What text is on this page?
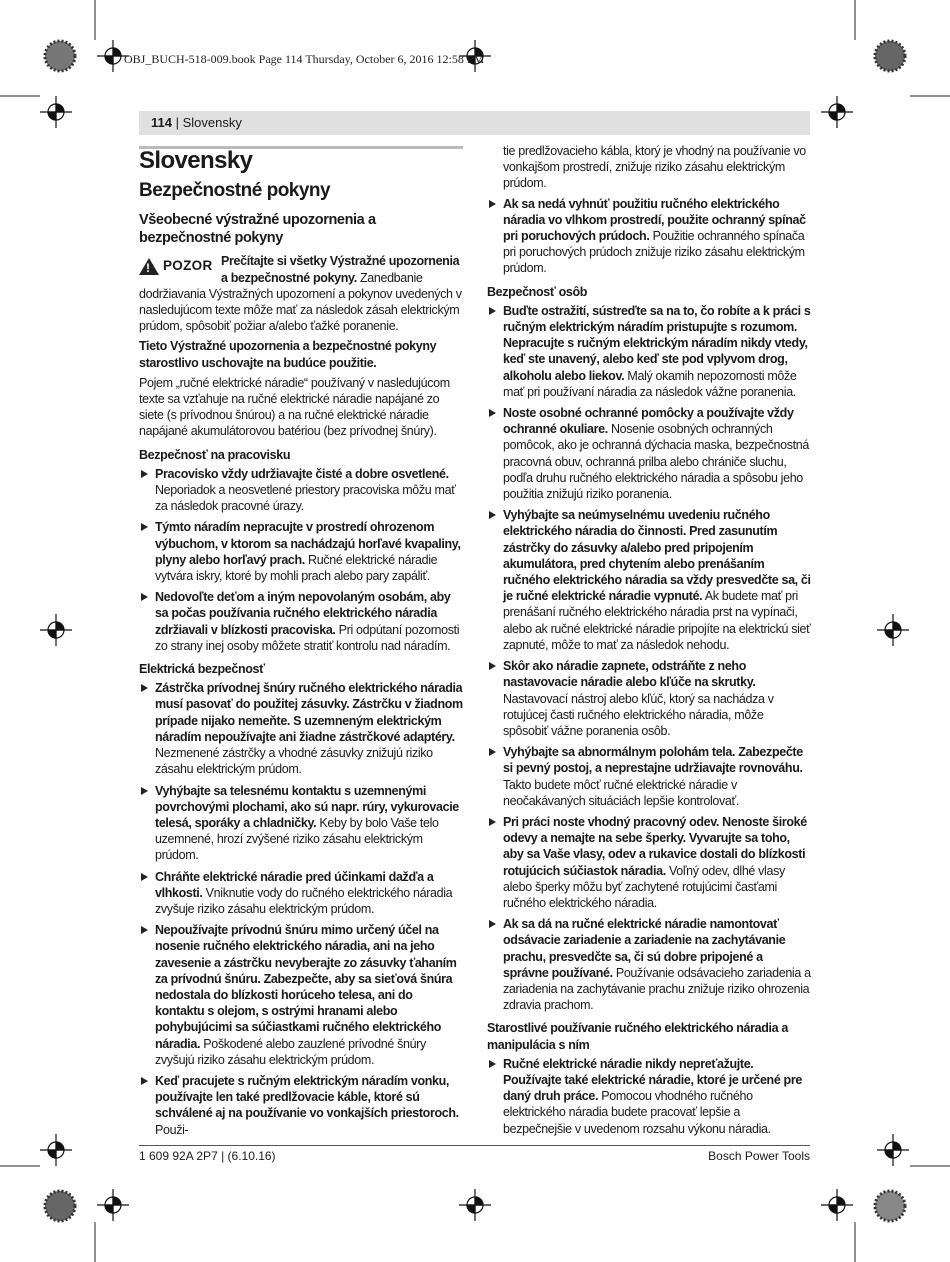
OBJ_BUCH-518-009.book Page 114 Thursday, October 6, 2016 12:58 PM
114 | Slovensky
Slovensky
Bezpečnostné pokyny
Všeobecné výstražné upozornenia a bezpečnostné pokyny
!
POZOR Prečítajte si všetky Výstražné upozornenia a bezpečnostné pokyny. Zanedbanie dodržiavania Výstražných upozornení a pokynov uvedených v nasledujúcom texte môže mať za následok zásah elektrickým prúdom, spôsobiť požiar a/alebo ťažké poranenie.

Tieto Výstražné upozornenia a bezpečnostné pokyny starostlivo uschovajte na budúce použitie.

Pojem „ručné elektrické náradie“ používaný v nasledujúcom texte sa vzťahuje na ručné elektrické náradie napájané zo siete (s prívodnou šnúrou) a na ručné elektrické náradie napájané akumulátorovou batériou (bez prívodnej šnúry).

Bezpečnosť na pracovisku
Pracovisko vždy udržiavajte čisté a dobre osvetlené. Neporiadok a neosvetlené priestory pracoviska môžu mať za následok pracovné úrazy.
Týmto náradím nepracujte v prostredí ohrozenom výbuchom, v ktorom sa nachádzajú horľavé kvapaliny, plyny alebo horľavý prach. Ručné elektrické náradie vytvára iskry, ktoré by mohli prach alebo pary zapáliť.
Nedovoľte deťom a iným nepovolaným osobám, aby sa počas používania ručného elektrického náradia zdržiavali v blízkosti pracoviska. Pri odpútaní pozornosti zo strany inej osoby môžete stratiť kontrolu nad náradím.
Elektrická bezpečnosť
Zástrčka prívodnej šnúry ručného elektrického náradia musí pasovať do použitej zásuvky. Zástrčku v žiadnom prípade nijako nemeňte. S uzemneným elektrickým náradím nepoužívajte ani žiadne zástrčkové adaptéry. Nezmenené zástrčky a vhodné zásuvky znižujú riziko zásahu elektrickým prúdom.
Vyhýbajte sa telesnému kontaktu s uzemnenými povrchovými plochami, ako sú napr. rúry, vykurovacie telesá, sporáky a chladničky. Keby by bolo Vaše telo uzemnené, hrozí zvýšené riziko zásahu elektrickým prúdom.
Chráňte elektrické náradie pred účinkami dažďa a vlhkosti. Vniknutie vody do ručného elektrického náradia zvyšuje riziko zásahu elektrickým prúdom.
Nepoužívajte prívodnú šnúru mimo určený účel na nosenie ručného elektrického náradia, ani na jeho zavesenie a zástrčku nevyberajte zo zásuvky ťahaním za prívodnú šnúru. Zabezpečte, aby sa sieťová šnúra nedostala do blízkosti horúceho telesa, ani do kontaktu s olejom, s ostrými hranami alebo pohybujúcimi sa súčiastkami ručného elektrického náradia. Poškodené alebo zauzlené prívodné šnúry zvyšujú riziko zásahu elektrickým prúdom.
Keď pracujete s ručným elektrickým náradím vonku, používajte len také predlžovacie káble, ktoré sú schválené aj na používanie vo vonkajších priestoroch. Použi-

tie predlžovacieho kábla, ktorý je vhodný na používanie vo vonkajšom prostredí, znižuje riziko zásahu elektrickým prúdom.

Ak sa nedá vyhnúť použitiu ručného elektrického náradia vo vlhkom prostredí, použite ochranný spínač pri poruchových prúdoch. Použitie ochranného spínača pri poruchových prúdoch znižuje riziko zásahu elektrickým prúdom.
Bezpečnosť osôb
Buďte ostražití, sústreďte sa na to, čo robíte a k práci s ručným elektrickým náradím pristupujte s rozumom. Nepracujte s ručným elektrickým náradím nikdy vtedy, keď ste unavený, alebo keď ste pod vplyvom drog, alkoholu alebo liekov. Malý okamih nepozornosti môže mať pri používaní náradia za následok vážne poranenia.
Noste osobné ochranné pomôcky a používajte vždy ochranné okuliare. Nosenie osobných ochranných pomôcok, ako je ochranná dýchacia maska, bezpečnostná pracovná obuv, ochranná prilba alebo chrániče sluchu, podľa druhu ručného elektrického náradia a spôsobu jeho použitia znižujú riziko poranenia.
Vyhýbajte sa neúmyselnému uvedeniu ručného elektrického náradia do činnosti. Pred zasunutím zástrčky do zásuvky a/alebo pred pripojením akumulátora, pred chytením alebo prenášaním ručného elektrického náradia sa vždy presvedčte sa, či je ručné elektrické náradie vypnuté. Ak budete mať pri prenášaní ručného elektrického náradia prst na vypínači, alebo ak ručné elektrické náradie pripojíte na elektrickú sieť zapnuté, môže to mať za následok nehodu.
Skôr ako náradie zapnete, odstráňte z neho nastavovacie náradie alebo kľúče na skrutky. Nastavovací nástroj alebo kľúč, ktorý sa nachádza v rotujúcej časti ručného elektrického náradia, môže spôsobiť vážne poranenia osôb.
Vyhýbajte sa abnormálnym polohám tela. Zabezpečte si pevný postoj, a neprestajne udržiavajte rovnováhu. Takto budete môcť ručné elektrické náradie v neočakávaných situáciách lepšie kontrolovať.
Pri práci noste vhodný pracovný odev. Nenoste široké odevy a nemajte na sebe šperky. Vyvarujte sa toho, aby sa Vaše vlasy, odev a rukavice dostali do blízkosti rotujúcich súčiastok náradia. Voľný odev, dlhé vlasy alebo šperky môžu byť zachytené rotujúcimi časťami ručného elektrického náradia.
Ak sa dá na ručné elektrické náradie namontovať odsávacie zariadenie a zariadenie na zachytávanie prachu, presvedčte sa, či sú dobre pripojené a správne používané. Používanie odsávacieho zariadenia a zariadenia na zachytávanie prachu znižuje riziko ohrozenia zdravia prachom.
Starostlivé používanie ručného elektrického náradia a manipulácia s ním
Ručné elektrické náradie nikdy nepreťažujte. Používajte také elektrické náradie, ktoré je určené pre daný druh práce. Pomocou vhodného ručného elektrického náradia budete pracovať lepšie a bezpečnejšie v uvedenom rozsahu výkonu náradia.
1 609 92A 2P7 | (6.10.16)	Bosch Power Tools
